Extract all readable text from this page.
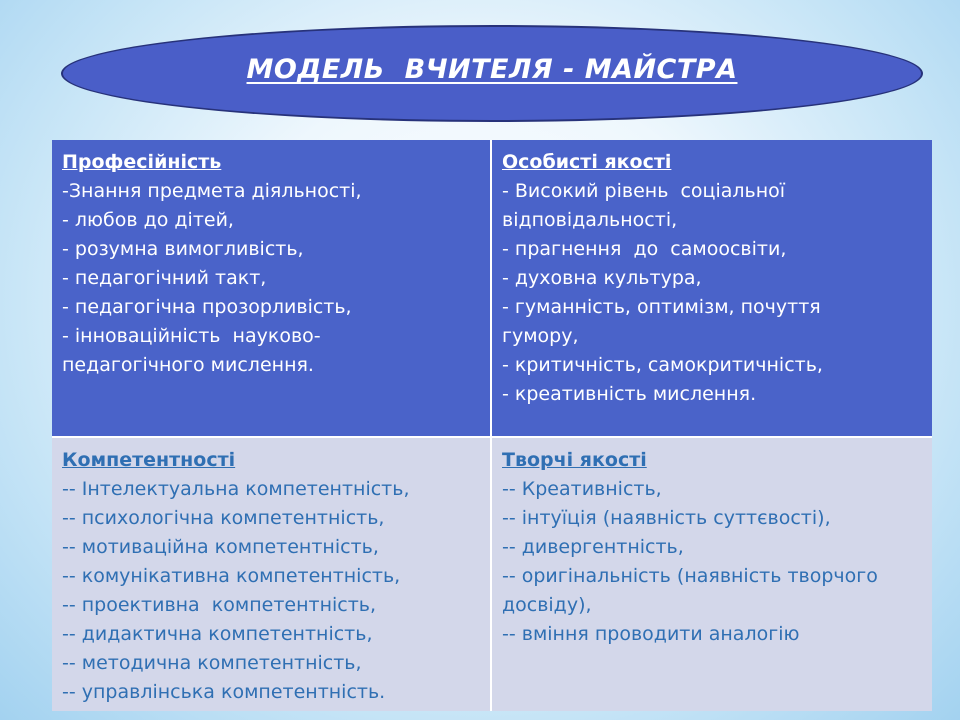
МОДЕЛЬ  ВЧИТЕЛЯ - МАЙСТРА
Професійність
-Знання предмета діяльності,
- любов до дітей,
- розумна вимогливість,
- педагогічний такт,
- педагогічна прозорливість,
- інноваційність  науково-
педагогічного мислення.
Особисті якості
- Високий рівень  соціальної
відповідальності,
- прагнення  до  самоосвіти,
- духовна культура,
- гуманність, оптимізм, почуття
гумору,
- критичність, самокритичність,
- креативність мислення.
Компетентності
-- Інтелектуальна компетентність,
-- психологічна компетентність,
-- мотиваційна компетентність,
-- комунікативна компетентність,
-- проективна  компетентність,
-- дидактична компетентність,
-- методична компетентність,
-- управлінська компетентність.
Творчі якості
-- Креативність,
-- інтуїція (наявність суттєвості),
-- дивергентність,
-- оригінальність (наявність творчого
досвіду),
-- вміння проводити аналогію
